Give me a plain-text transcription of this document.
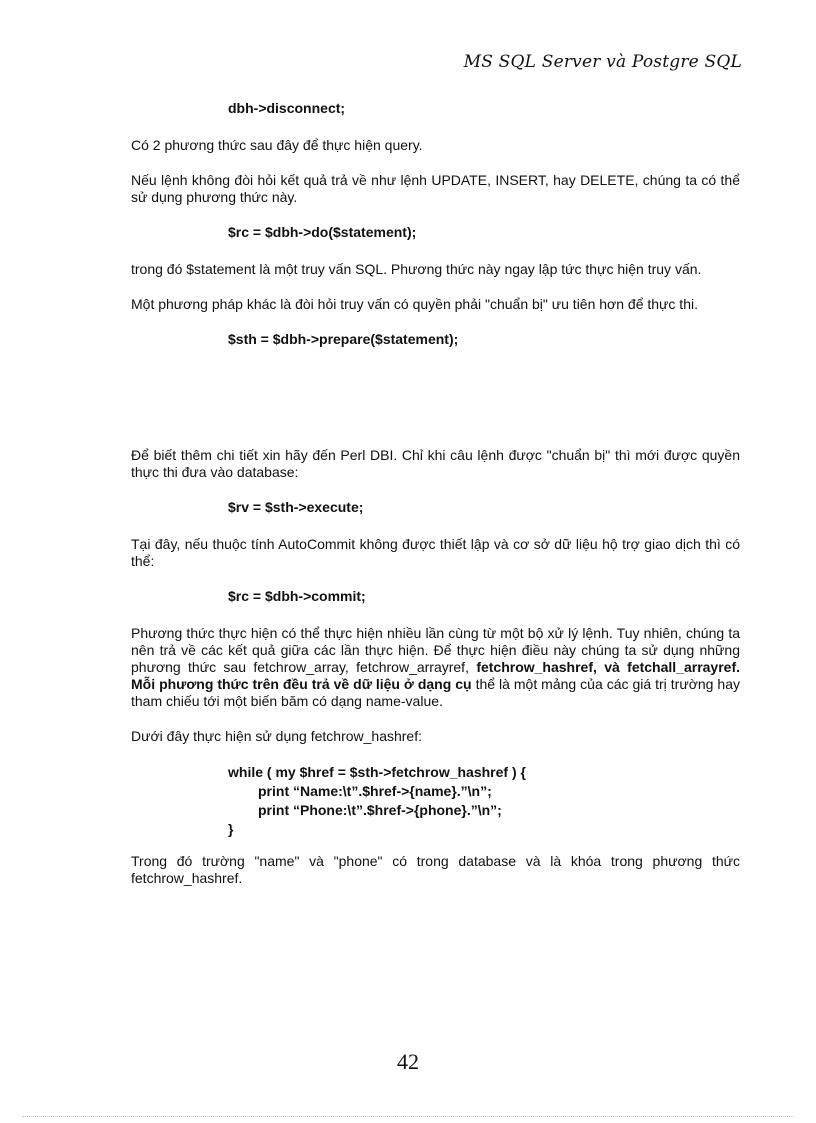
MS SQL Server và Postgre SQL
dbh->disconnect;

Có 2 phương thức sau đây để thực hiện query.

Nếu lệnh không đòi hỏi kết quả trả về như lệnh UPDATE, INSERT, hay DELETE, chúng ta có thể sử dụng phương thức này.

$rc = $dbh->do($statement);

trong đó $statement là một truy vấn SQL. Phương thức này ngay lập tức thực hiện truy vấn.

Một phương pháp khác là đòi hỏi truy vấn có quyền phải "chuẩn bị" ưu tiên hơn để thực thi.

$sth = $dbh->prepare($statement);

Để biết thêm chi tiết xin hãy đến Perl DBI. Chỉ khi câu lệnh được "chuẩn bị" thì mới được quyền thực thi đưa vào database:

$rv = $sth->execute;

Tại đây, nếu thuộc tính AutoCommit không được thiết lập và cơ sở dữ liệu hộ trợ giao dịch thì có thể:

$rc = $dbh->commit;

Phương thức thực hiện có thể thực hiện nhiều lần cùng từ một bộ xử lý lệnh. Tuy nhiên, chúng ta nên trả về các kết quả giữa các lần thực hiện. Để thực hiện điều này chúng ta sử dụng những phương thức sau fetchrow_array, fetchrow_arrayref, fetchrow_hashref, và fetchall_arrayref. Mỗi phương thức trên đều trả về dữ liệu ở dạng cụ thể là một mảng của các giá trị trường hay tham chiếu tới một biến băm có dạng name-value.

Dưới đây thực hiện sử dụng fetchrow_hashref:

while ( my $href = $sth->fetchrow_hashref ) {
print “Name:\t”.$href->{name}.”\n”;
print “Phone:\t”.$href->{phone}.”\n”;
}

Trong đó trường "name" và "phone" có trong database và là khóa trong phương thức fetchrow_hashref.

42
